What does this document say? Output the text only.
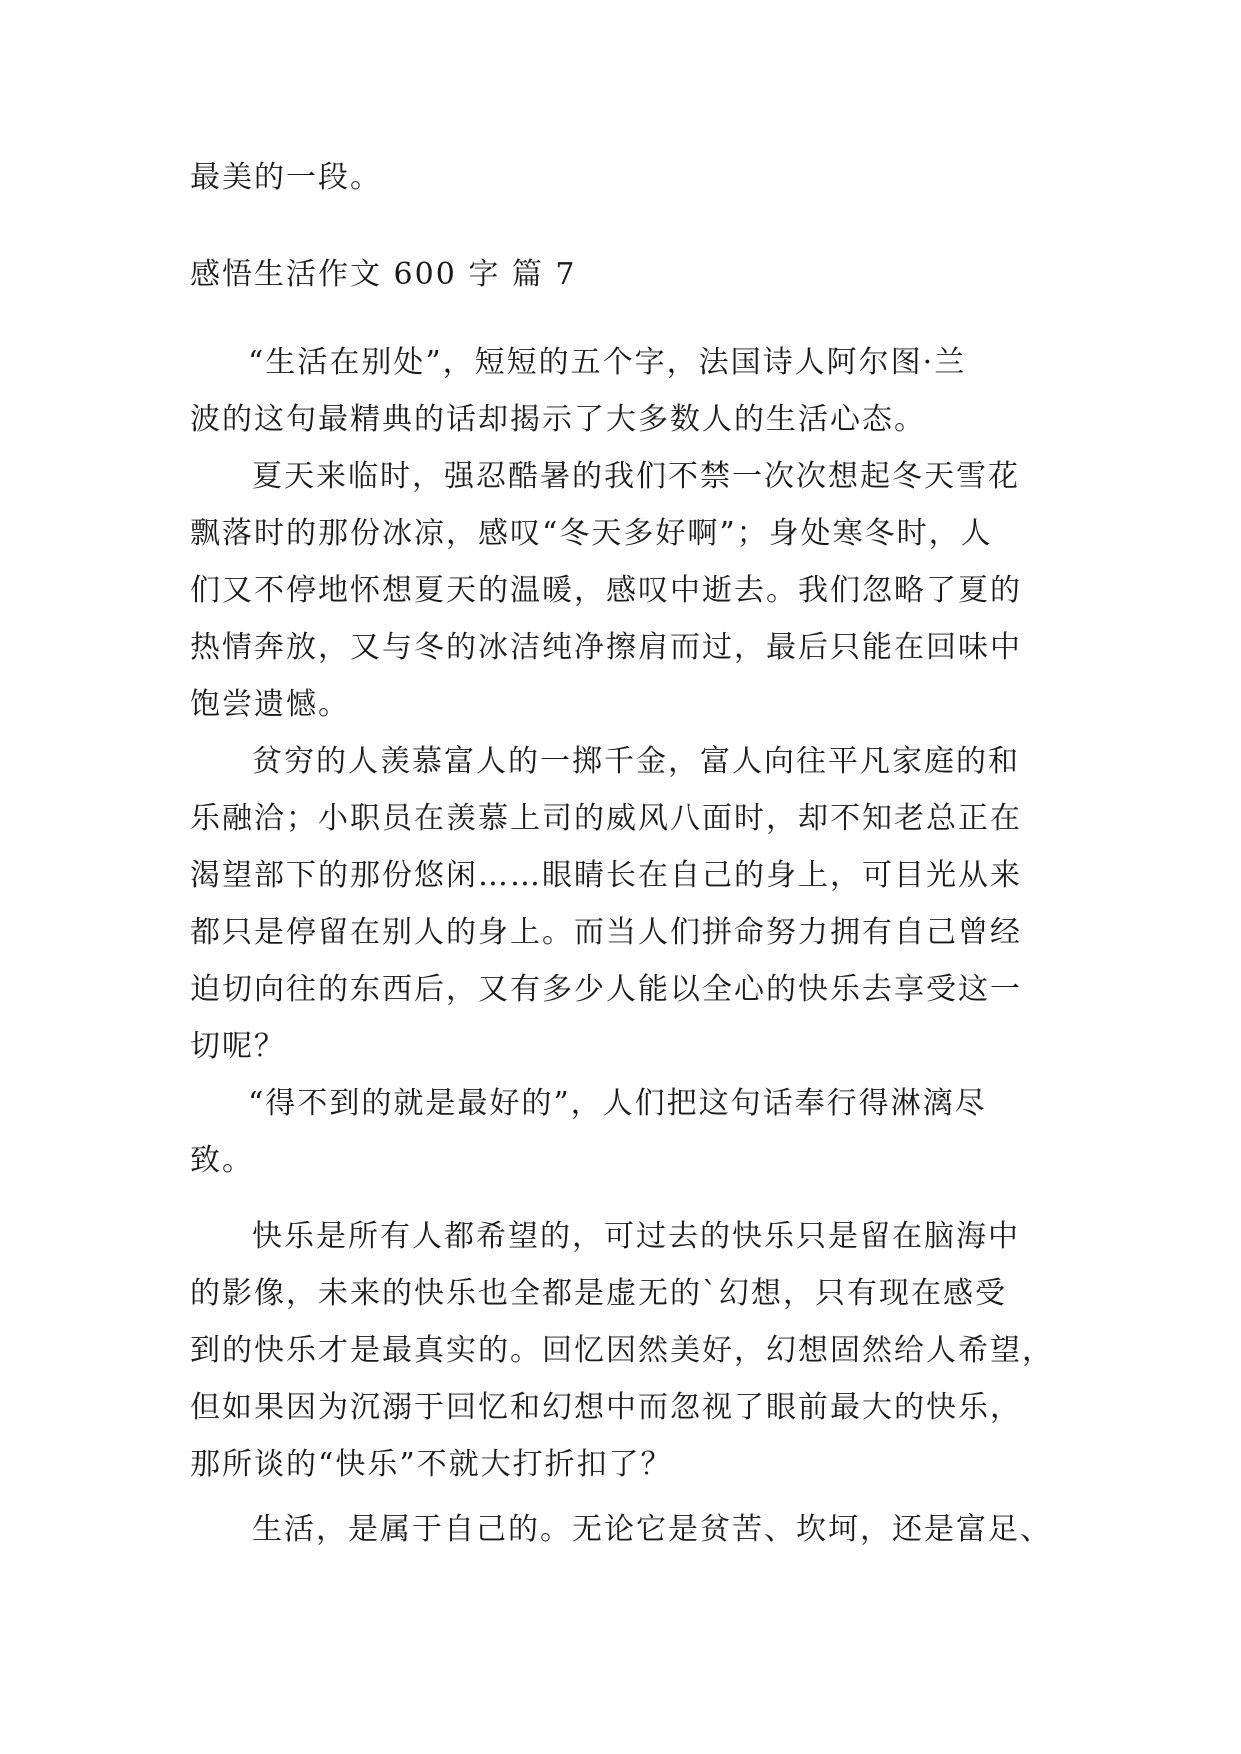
最美的一段。
感悟生活作文 600 字 篇 7
“生活在别处”，短短的五个字，法国诗人阿尔图·兰
波的这句最精典的话却揭示了大多数人的生活心态。
夏天来临时，强忍酷暑的我们不禁一次次想起冬天雪花
飘落时的那份冰凉，感叹“冬天多好啊”；身处寒冬时，人
们又不停地怀想夏天的温暖，感叹中逝去。我们忽略了夏的
热情奔放，又与冬的冰洁纯净擦肩而过，最后只能在回味中
饱尝遗憾。
贫穷的人羡慕富人的一掷千金，富人向往平凡家庭的和
乐融洽；小职员在羡慕上司的威风八面时，却不知老总正在
渴望部下的那份悠闲……眼睛长在自己的身上，可目光从来
都只是停留在别人的身上。而当人们拼命努力拥有自己曾经
迫切向往的东西后，又有多少人能以全心的快乐去享受这一
切呢？
“得不到的就是最好的”，人们把这句话奉行得淋漓尽
致。
快乐是所有人都希望的，可过去的快乐只是留在脑海中
的影像，未来的快乐也全都是虚无的`幻想，只有现在感受
到的快乐才是最真实的。回忆因然美好，幻想固然给人希望，
但如果因为沉溺于回忆和幻想中而忽视了眼前最大的快乐，
那所谈的“快乐”不就大打折扣了？
生活，是属于自己的。无论它是贫苦、坎坷，还是富足、
